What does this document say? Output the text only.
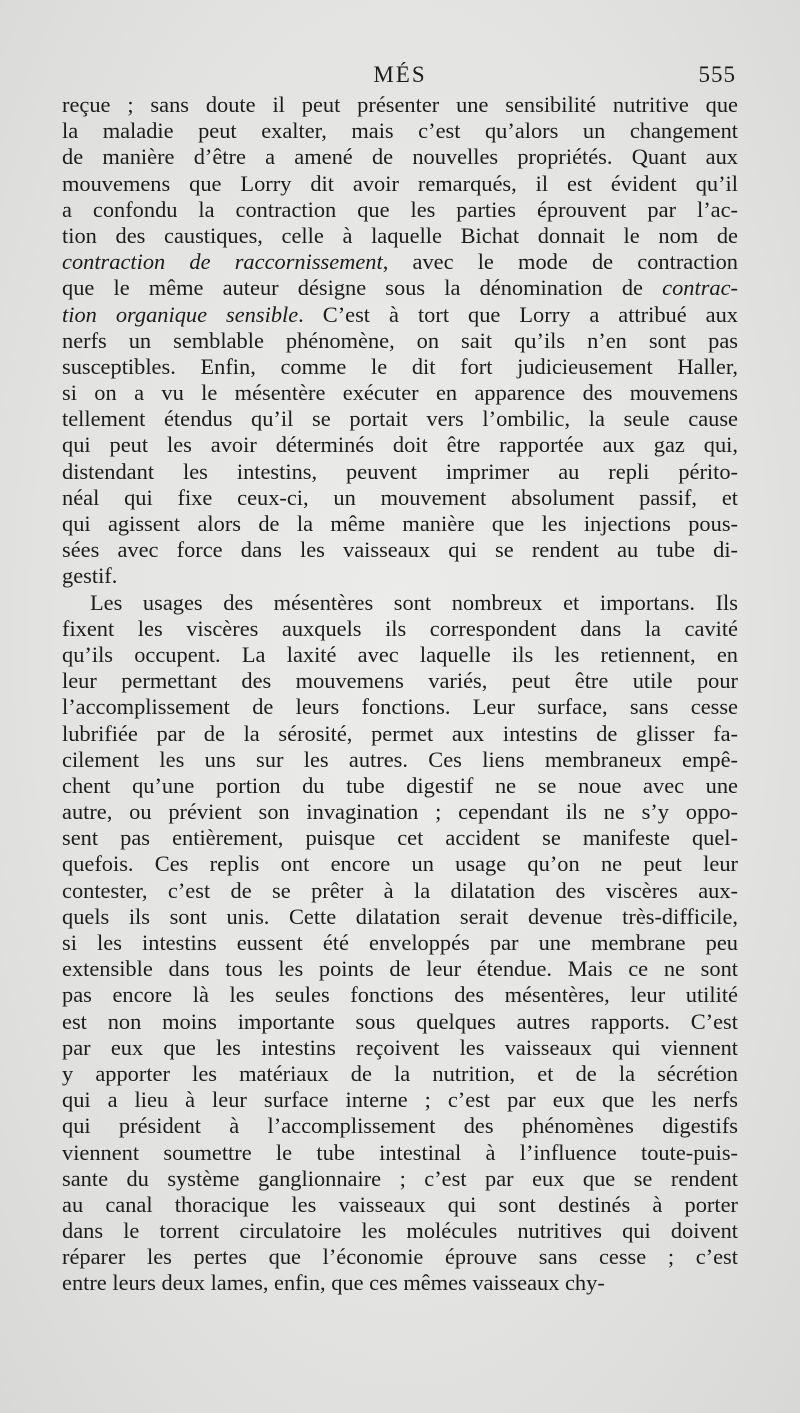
MÉS	555
reçue ; sans doute il peut présenter une sensibilité nutritive que
la maladie peut exalter, mais c’est qu’alors un changement
de manière d’être a amené de nouvelles propriétés. Quant aux
mouvemens que Lorry dit avoir remarqués, il est évident qu’il
a confondu la contraction que les parties éprouvent par l’ac-
tion des caustiques, celle à laquelle Bichat donnait le nom de
contraction de raccornissement, avec le mode de contraction
que le même auteur désigne sous la dénomination de contrac-
tion organique sensible. C’est à tort que Lorry a attribué aux
nerfs un semblable phénomène, on sait qu’ils n’en sont pas
susceptibles. Enfin, comme le dit fort judicieusement Haller,
si on a vu le mésentère exécuter en apparence des mouvemens
tellement étendus qu’il se portait vers l’ombilic, la seule cause
qui peut les avoir déterminés doit être rapportée aux gaz qui,
distendant les intestins, peuvent imprimer au repli périto-
néal qui fixe ceux-ci, un mouvement absolument passif, et
qui agissent alors de la même manière que les injections pous-
sées avec force dans les vaisseaux qui se rendent au tube di-
gestif.
Les usages des mésentères sont nombreux et importans. Ils
fixent les viscères auxquels ils correspondent dans la cavité
qu’ils occupent. La laxité avec laquelle ils les retiennent, en
leur permettant des mouvemens variés, peut être utile pour
l’accomplissement de leurs fonctions. Leur surface, sans cesse
lubrifiée par de la sérosité, permet aux intestins de glisser fa-
cilement les uns sur les autres. Ces liens membraneux empê-
chent qu’une portion du tube digestif ne se noue avec une
autre, ou prévient son invagination ; cependant ils ne s’y oppo-
sent pas entièrement, puisque cet accident se manifeste quel-
quefois. Ces replis ont encore un usage qu’on ne peut leur
contester, c’est de se prêter à la dilatation des viscères aux-
quels ils sont unis. Cette dilatation serait devenue très-difficile,
si les intestins eussent été enveloppés par une membrane peu
extensible dans tous les points de leur étendue. Mais ce ne sont
pas encore là les seules fonctions des mésentères, leur utilité
est non moins importante sous quelques autres rapports. C’est
par eux que les intestins reçoivent les vaisseaux qui viennent
y apporter les matériaux de la nutrition, et de la sécrétion
qui a lieu à leur surface interne ; c’est par eux que les nerfs
qui président à l’accomplissement des phénomènes digestifs
viennent soumettre le tube intestinal à l’influence toute-puis-
sante du système ganglionnaire ; c’est par eux que se rendent
au canal thoracique les vaisseaux qui sont destinés à porter
dans le torrent circulatoire les molécules nutritives qui doivent
réparer les pertes que l’économie éprouve sans cesse ; c’est
entre leurs deux lames, enfin, que ces mêmes vaisseaux chy-
